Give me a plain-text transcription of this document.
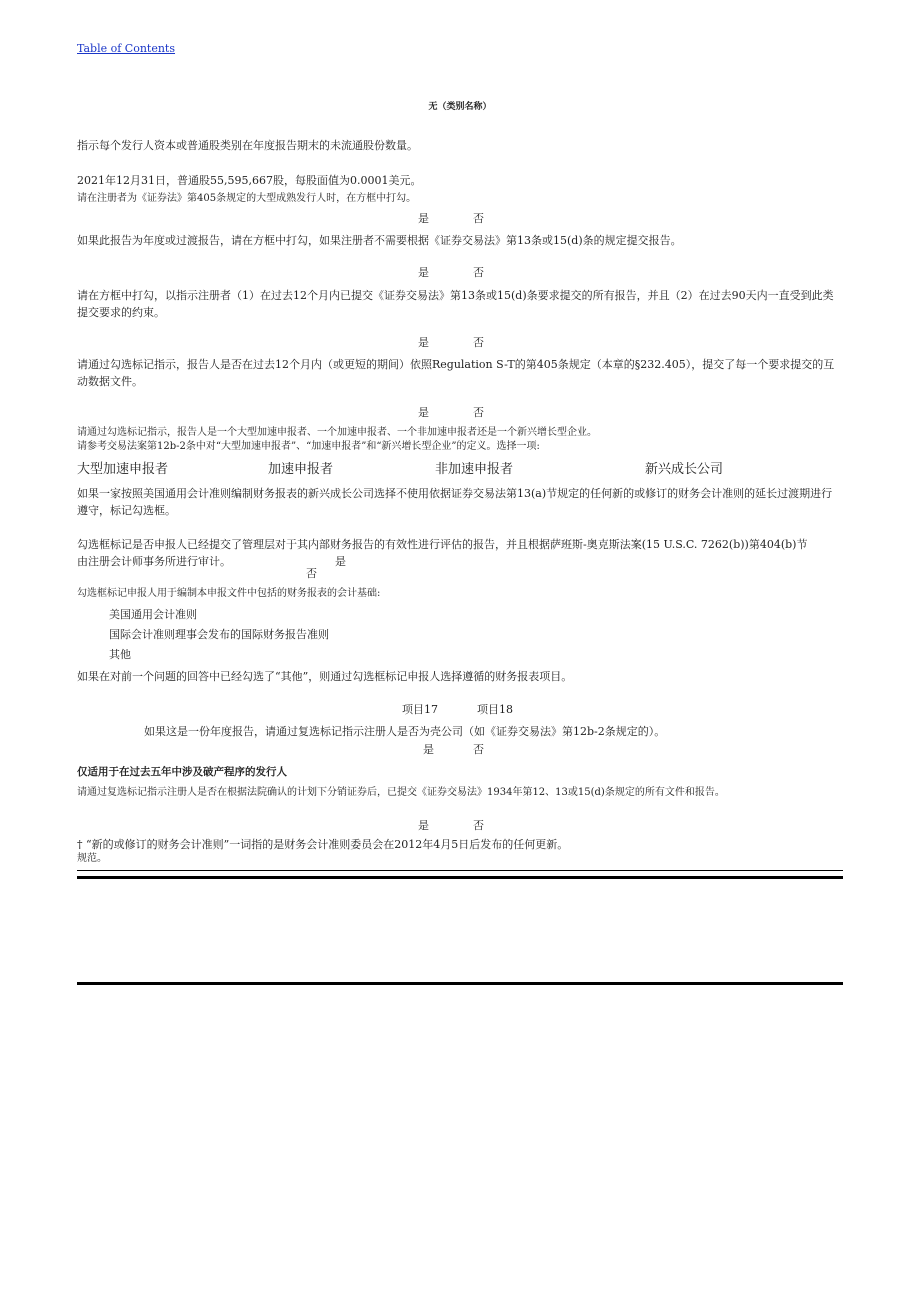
Table of Contents
无（类别名称）
指示每个发行人资本或普通股类别在年度报告期末的未流通股份数量。
2021年12月31日，普通股55,595,667股，每股面值为0.0001美元。
请在注册者为《证券法》第405条规定的大型成熟发行人时，在方框中打勾。
是	否
如果此报告为年度或过渡报告，请在方框中打勾，如果注册者不需要根据《证券交易法》第13条或15(d)条的规定提交报告。
是	否
请在方框中打勾，以指示注册者（1）在过去12个月内已提交《证券交易法》第13条或15(d)条要求提交的所有报告，并且（2）在过去90天内一直受到此类提交要求的约束。
是	否
请通过勾选标记指示，报告人是否在过去12个月内（或更短的期间）依照Regulation S-T的第405条规定（本章的§232.405），提交了每一个要求提交的互动数据文件。
是	否
请通过勾选标记指示，报告人是一个大型加速申报者、一个加速申报者、一个非加速申报者还是一个新兴增长型企业。
请参考交易法案第12b-2条中对“大型加速申报者”、“加速申报者”和“新兴增长型企业”的定义。选择一项:
大型加速申报者	加速申报者	非加速申报者	新兴成长公司
如果一家按照美国通用会计准则编制财务报表的新兴成长公司选择不使用依据证券交易法第13(a)节规定的任何新的或修订的财务会计准则的延长过渡期进行遵守，标记勾选框。
勾选框标记是否申报人已经提交了管理层对于其内部财务报告的有效性进行评估的报告，并且根据萨班斯-奥克斯法案(15 U.S.C. 7262(b))第404(b)节由注册会计师事务所进行审计。	是
否
勾选框标记申报人用于编制本申报文件中包括的财务报表的会计基础:
美国通用会计准则
国际会计准则理事会发布的国际财务报告准则
其他
如果在对前一个问题的回答中已经勾选了“其他”，则通过勾选框标记申报人选择遵循的财务报表项目。
项目17	项目18
如果这是一份年度报告，请通过复选标记指示注册人是否为壳公司（如《证券交易法》第12b-2条规定的）。
是	否
仅适用于在过去五年中涉及破产程序的发行人
请通过复选标记指示注册人是否在根据法院确认的计划下分销证券后，已提交《证券交易法》1934年第12、13或15(d)条规定的所有文件和报告。
是	否
† “新的或修订的财务会计准则”一词指的是财务会计准则委员会在2012年4月5日后发布的任何更新。
规范。
